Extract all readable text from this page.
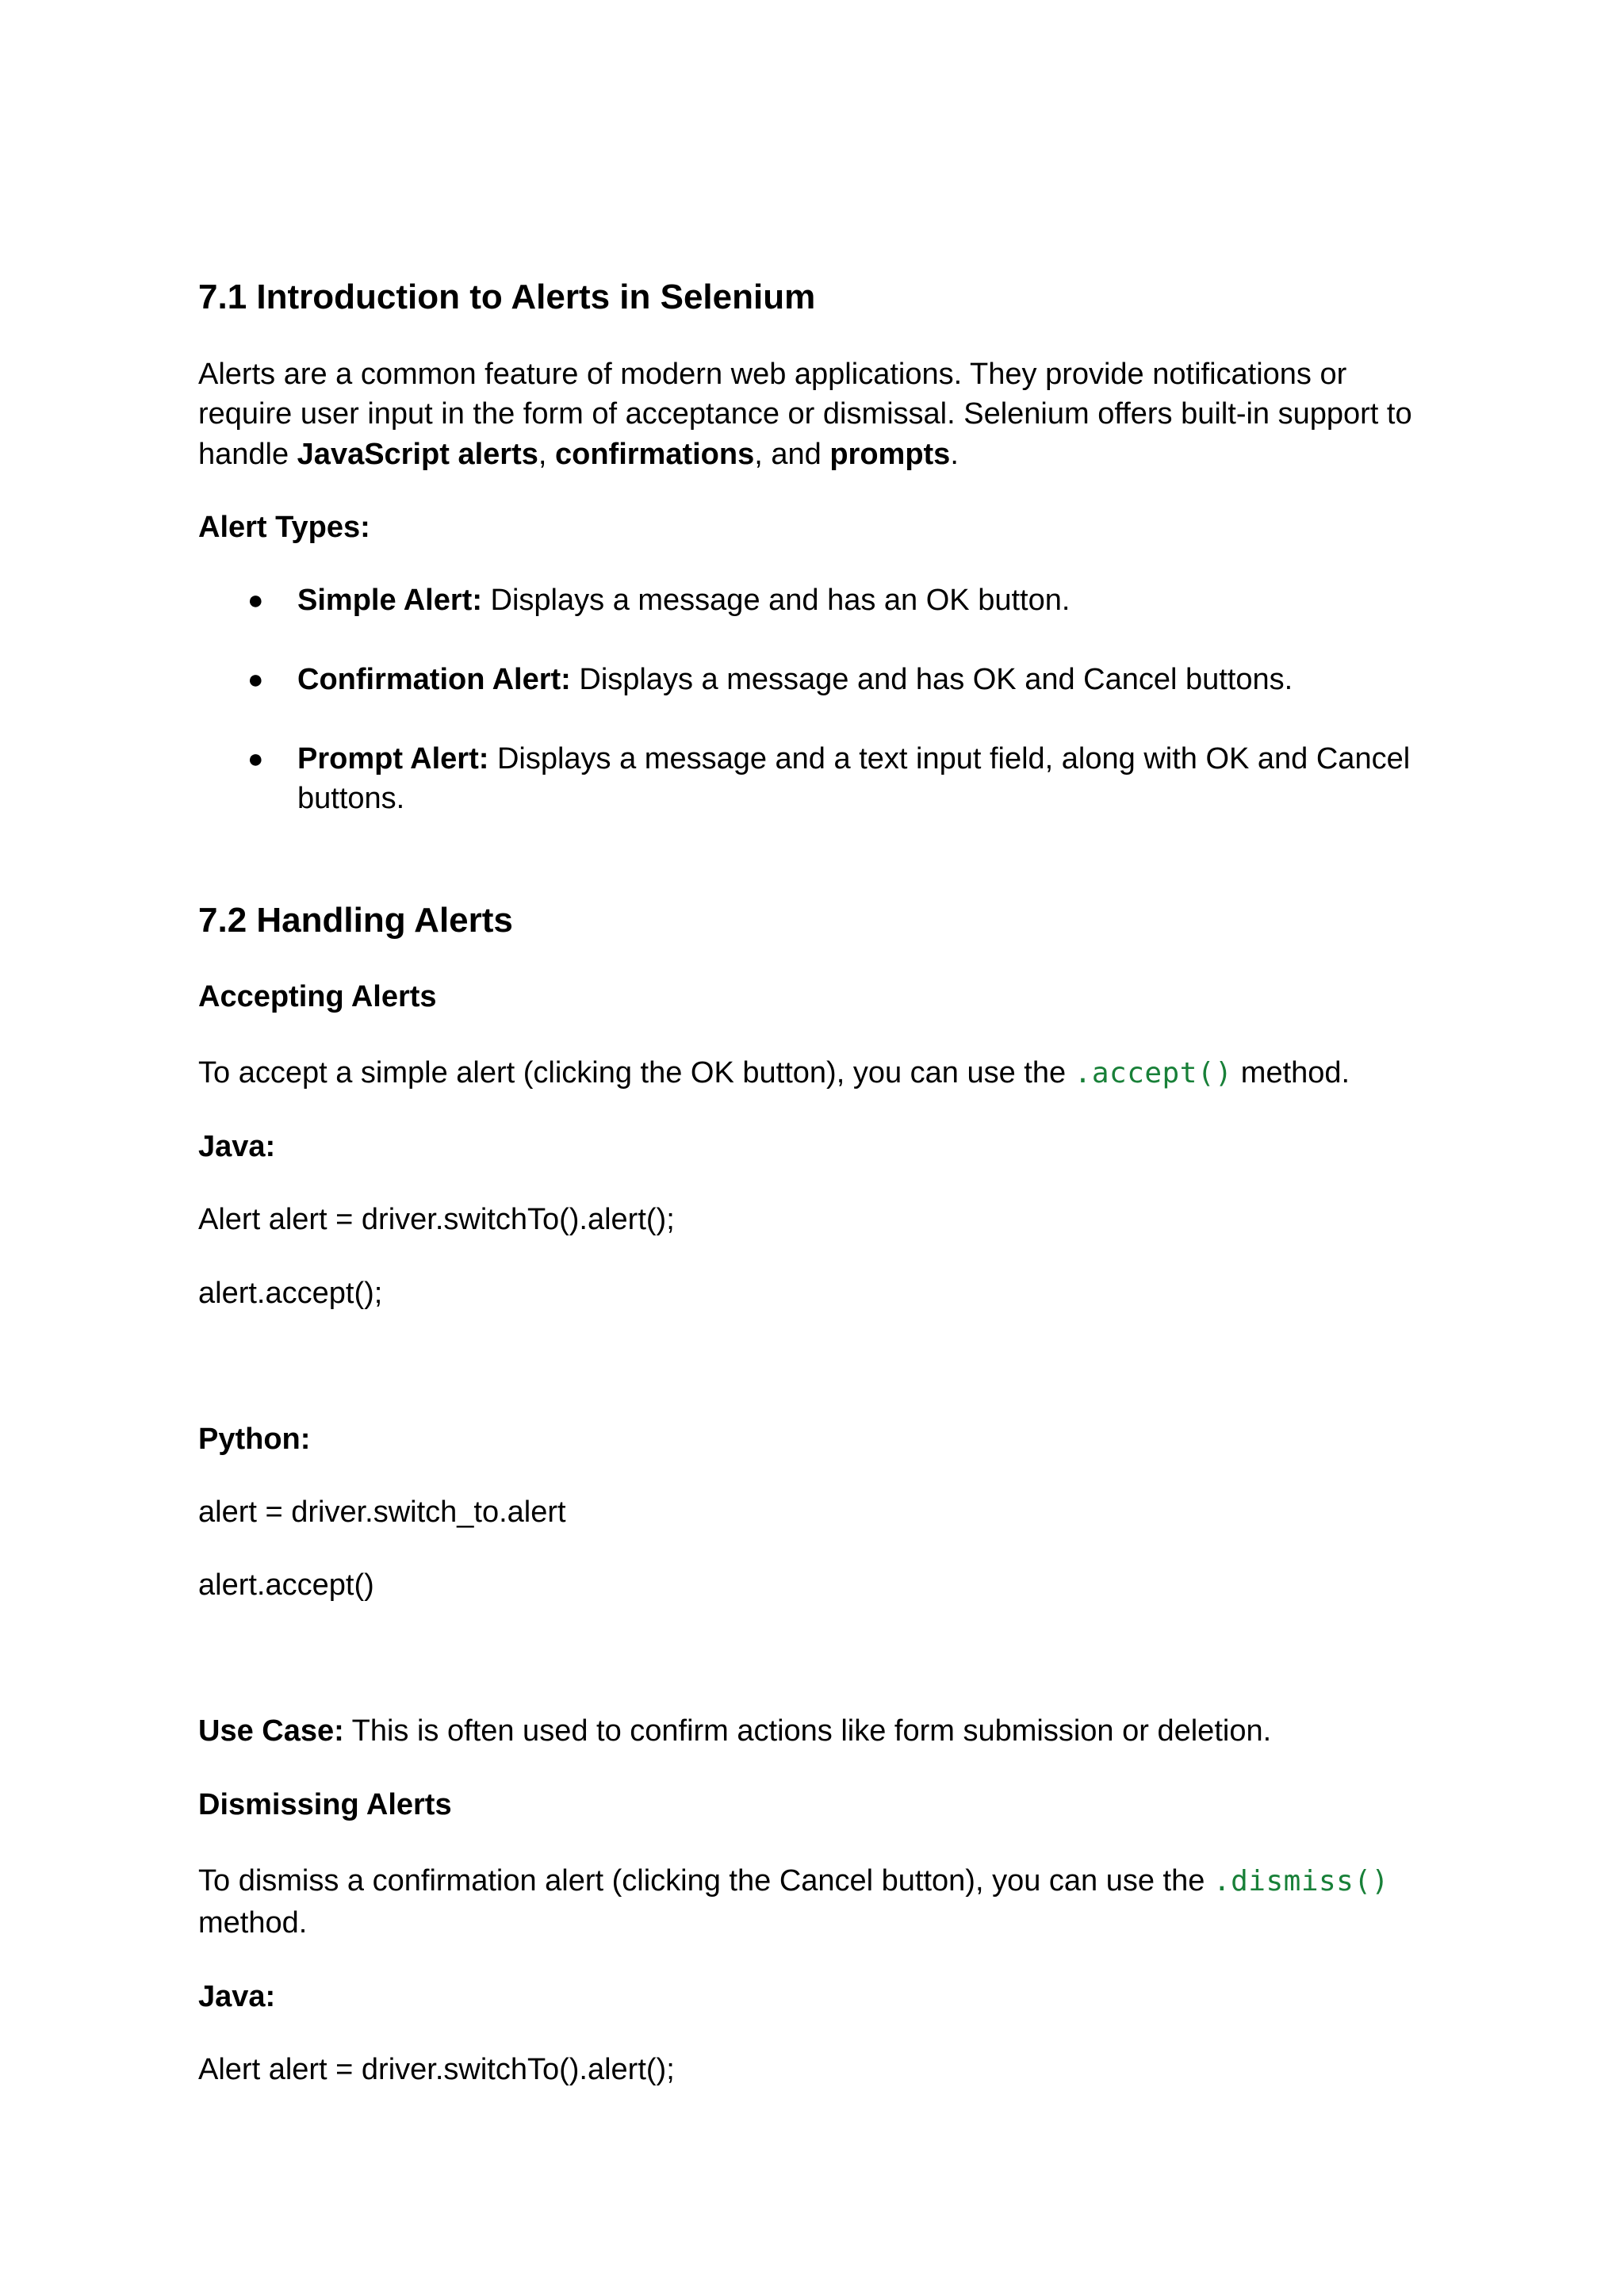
7.1 Introduction to Alerts in Selenium
Alerts are a common feature of modern web applications. They provide notifications or
require user input in the form of acceptance or dismissal. Selenium offers built-in support to
handle JavaScript alerts, confirmations, and prompts.
Alert Types:
● Simple Alert: Displays a message and has an OK button.
● Confirmation Alert: Displays a message and has OK and Cancel buttons.
● Prompt Alert: Displays a message and a text input field, along with OK and Cancel buttons.
7.2 Handling Alerts
Accepting Alerts
To accept a simple alert (clicking the OK button), you can use the .accept() method.
Java:
Alert alert = driver.switchTo().alert();
alert.accept();
Python:
alert = driver.switch_to.alert
alert.accept()
Use Case: This is often used to confirm actions like form submission or deletion.
Dismissing Alerts
To dismiss a confirmation alert (clicking the Cancel button), you can use the .dismiss()
method.
Java:
Alert alert = driver.switchTo().alert();
